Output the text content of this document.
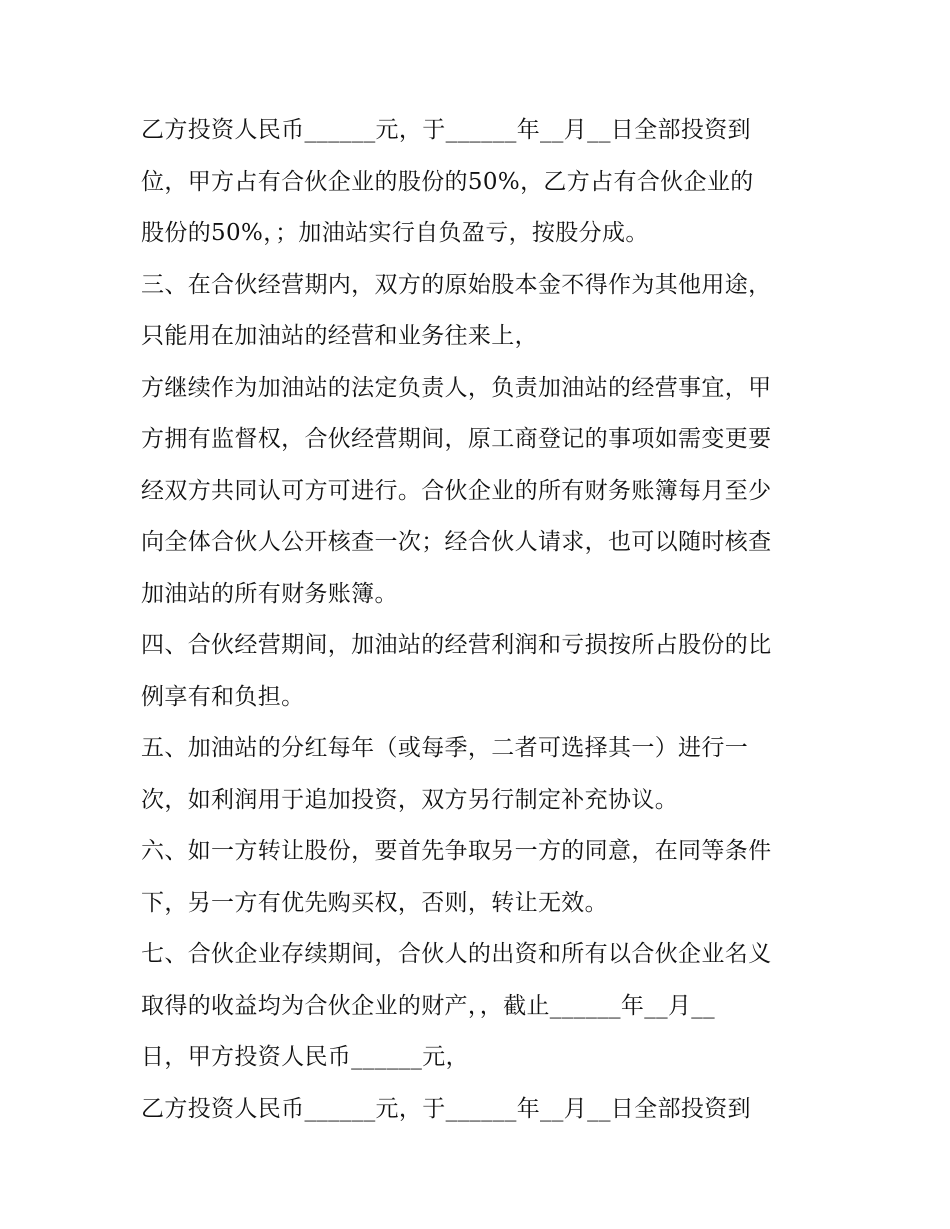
乙方投资人民币______元，于______年__月__日全部投资到
位，甲方占有合伙企业的股份的50%，乙方占有合伙企业的
股份的50%，；加油站实行自负盈亏，按股分成。
三、在合伙经营期内，双方的原始股本金不得作为其他用途，
只能用在加油站的经营和业务往来上，
方继续作为加油站的法定负责人，负责加油站的经营事宜，甲
方拥有监督权，合伙经营期间，原工商登记的事项如需变更要
经双方共同认可方可进行。合伙企业的所有财务账簿每月至少
向全体合伙人公开核查一次；经合伙人请求，也可以随时核查
加油站的所有财务账簿。
四、合伙经营期间，加油站的经营利润和亏损按所占股份的比
例享有和负担。
五、加油站的分红每年（或每季，二者可选择其一）进行一
次，如利润用于追加投资，双方另行制定补充协议。
六、如一方转让股份，要首先争取另一方的同意，在同等条件
下，另一方有优先购买权，否则，转让无效。
七、合伙企业存续期间，合伙人的出资和所有以合伙企业名义
取得的收益均为合伙企业的财产，，截止______年__月__
日，甲方投资人民币______元，
乙方投资人民币______元，于______年__月__日全部投资到
